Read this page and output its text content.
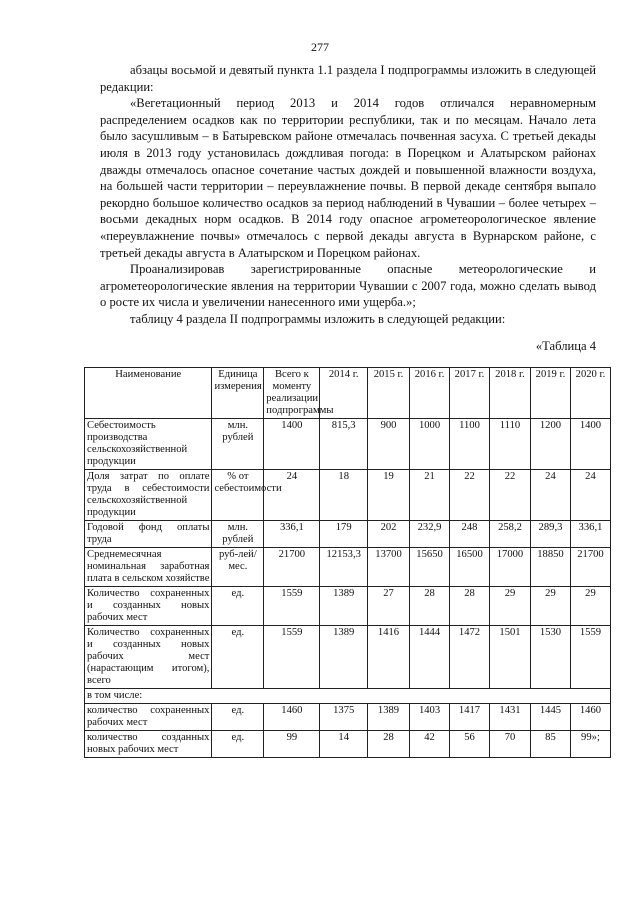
277

абзацы восьмой и девятый пункта 1.1 раздела I подпрограммы изложить в следующей редакции:

«Вегетационный период 2013 и 2014 годов отличался неравномерным распределением осадков как по территории республики, так и по месяцам. Начало лета было засушливым – в Батыревском районе отмечалась почвенная засуха. С третьей декады июля в 2013 году установилась дождливая погода: в Порецком и Алатырском районах дважды отмечалось опасное сочетание частых дождей и повышенной влажности воздуха, на большей части территории – переувлажнение почвы. В первой декаде сентября выпало рекордно большое количество осадков за период наблюдений в Чувашии – более четырех – восьми декадных норм осадков. В 2014 году опасное агрометеорологическое явление «переувлажнение почвы» отмечалось с первой декады августа в Вурнарском районе, с третьей декады августа в Алатырском и Порецком районах.

Проанализировав зарегистрированные опасные метеорологические и агрометеорологические явления на территории Чувашии с 2007 года, можно сделать вывод о росте их числа и увеличении нанесенного ими ущерба.»;

таблицу 4 раздела II подпрограммы изложить в следующей редакции:

«Таблица 4
Наименование	Единица измерения	Всего к моменту реализации подпрограммы	2014 г.	2015 г.	2016 г.	2017 г.	2018 г.	2019 г.	2020 г.
Себестоимость производства сельскохозяйственной продукции	млн. рублей	1400	815,3	900	1000	1100	1110	1200	1400
Доля затрат по оплате труда в себестоимости сельскохозяйственной продукции	% от себестоимости	24	18	19	21	22	22	24	24
Годовой фонд оплаты труда	млн. рублей	336,1	179	202	232,9	248	258,2	289,3	336,1
Среднемесячная номинальная заработная плата в сельском хозяйстве	руб-лей/мес.	21700	12153,3	13700	15650	16500	17000	18850	21700
Количество сохраненных и созданных новых рабочих мест	ед.	1559	1389	27	28	28	29	29	29
Количество сохраненных и созданных новых рабочих мест (нарастающим итогом), всего	ед.	1559	1389	1416	1444	1472	1501	1530	1559
в том числе:									
количество сохраненных рабочих мест	ед.	1460	1375	1389	1403	1417	1431	1445	1460
количество созданных новых рабочих мест	ед.	99	14	28	42	56	70	85	99»;
